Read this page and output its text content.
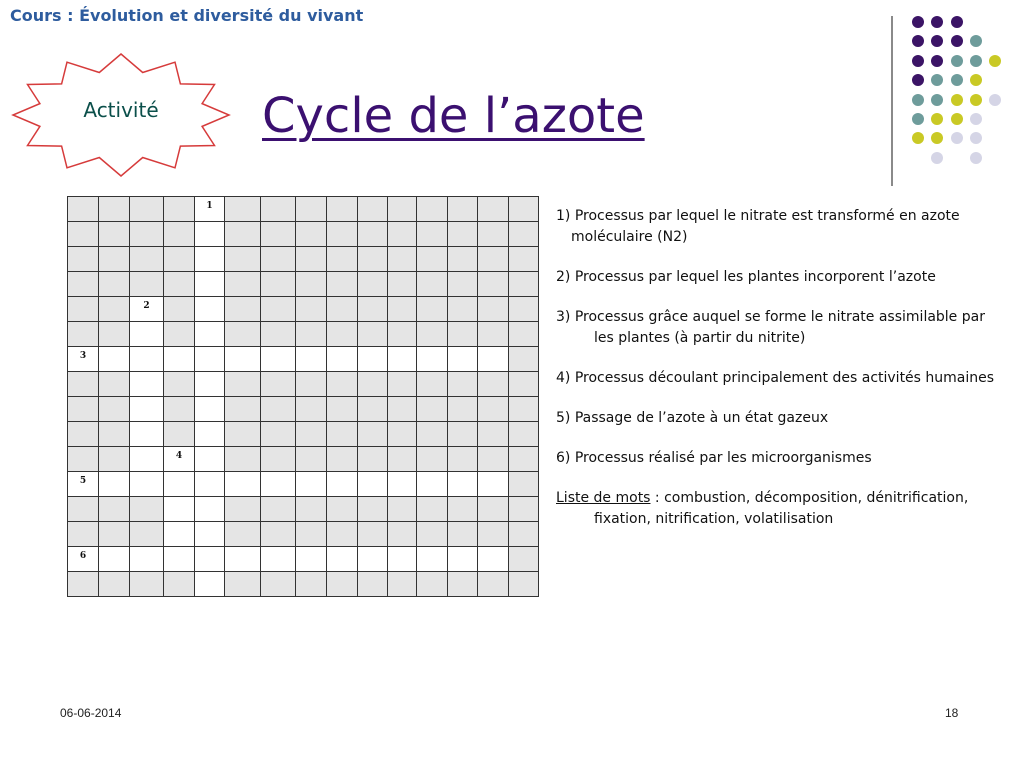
Cours : Évolution et diversité du vivant
Activité	Cycle de l’azote

				1										

		2												

3														

			4											

5														

6														

1) Processus par lequel le nitrate est transformé en azote moléculaire (N2)
2) Processus par lequel les plantes incorporent l’azote
3) Processus grâce auquel se forme le nitrate assimilable par les plantes (à partir du nitrite)
4) Processus découlant principalement des activités humaines
5) Passage de l’azote à un état gazeux
6) Processus réalisé par les microorganismes
Liste de mots : combustion, décomposition, dénitrification, fixation, nitrification, volatilisation
06-06-2014	18
